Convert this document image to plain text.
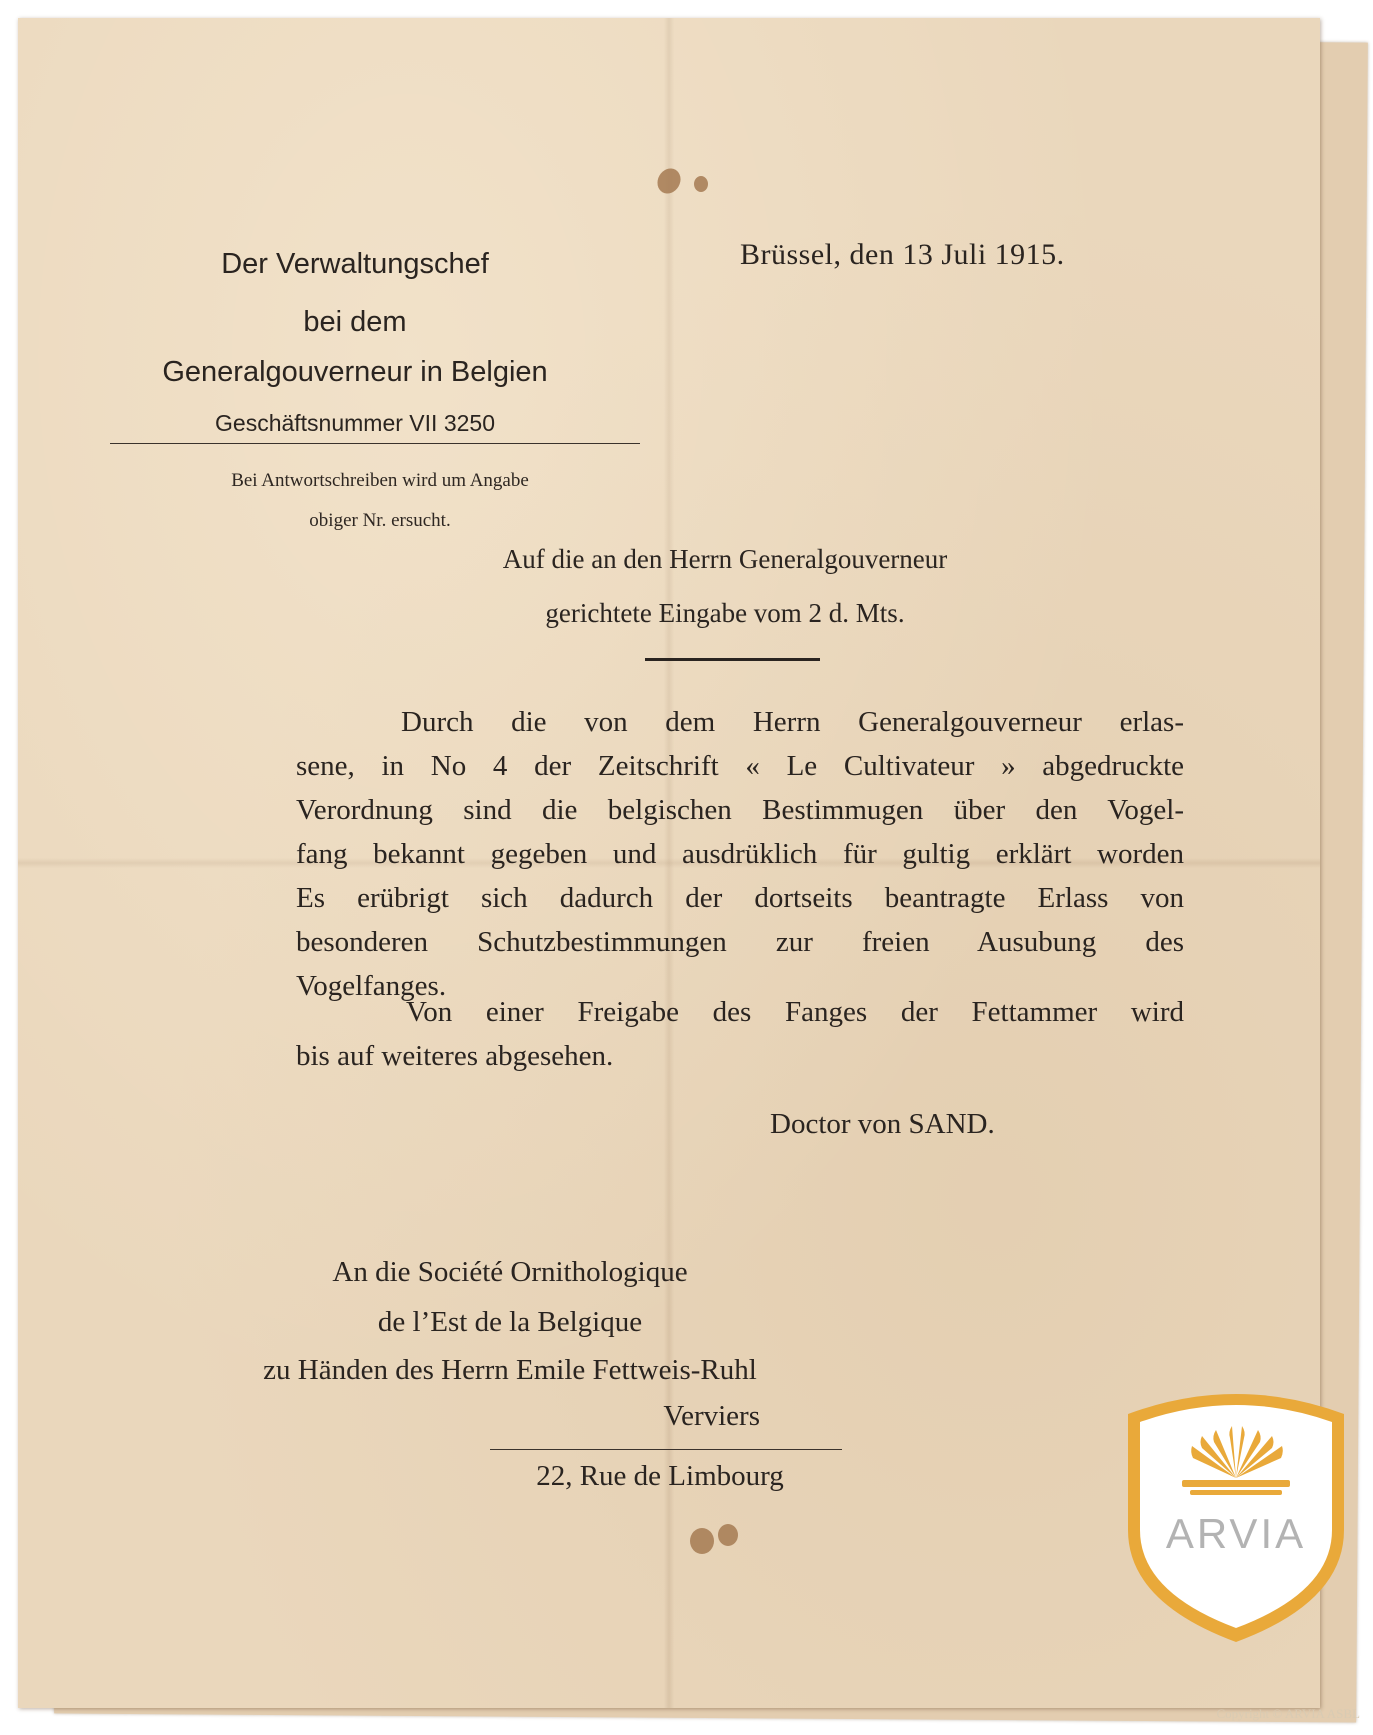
Der Verwaltungschef
bei dem
Generalgouverneur in Belgien
Geschäftsnummer VII 3250
Bei Antwortschreiben wird um Angabe
obiger Nr. ersucht.
Brüssel, den 13 Juli 1915.
Auf die an den Herrn Generalgouverneur
gerichtete Eingabe vom 2 d. Mts.
Durch die von dem Herrn Generalgouverneur erlas-
sene, in No 4 der Zeitschrift « Le Cultivateur » abgedruckte
Verordnung sind die belgischen Bestimmugen über den Vogel-
fang bekannt gegeben und ausdrüklich für gultig erklärt worden
Es erübrigt sich dadurch der dortseits beantragte Erlass von
besonderen Schutzbestimmungen zur freien Ausubung des
Vogelfanges.
Von einer Freigabe des Fanges der Fettammer wird
bis auf weiteres abgesehen.
Doctor von SAND.
An die Société Ornithologique
de l’Est de la Belgique
zu Händen des Herrn Emile Fettweis-Ruhl
Verviers
22, Rue de Limbourg
ARVIA
Copyright © ARVIA ASBL
